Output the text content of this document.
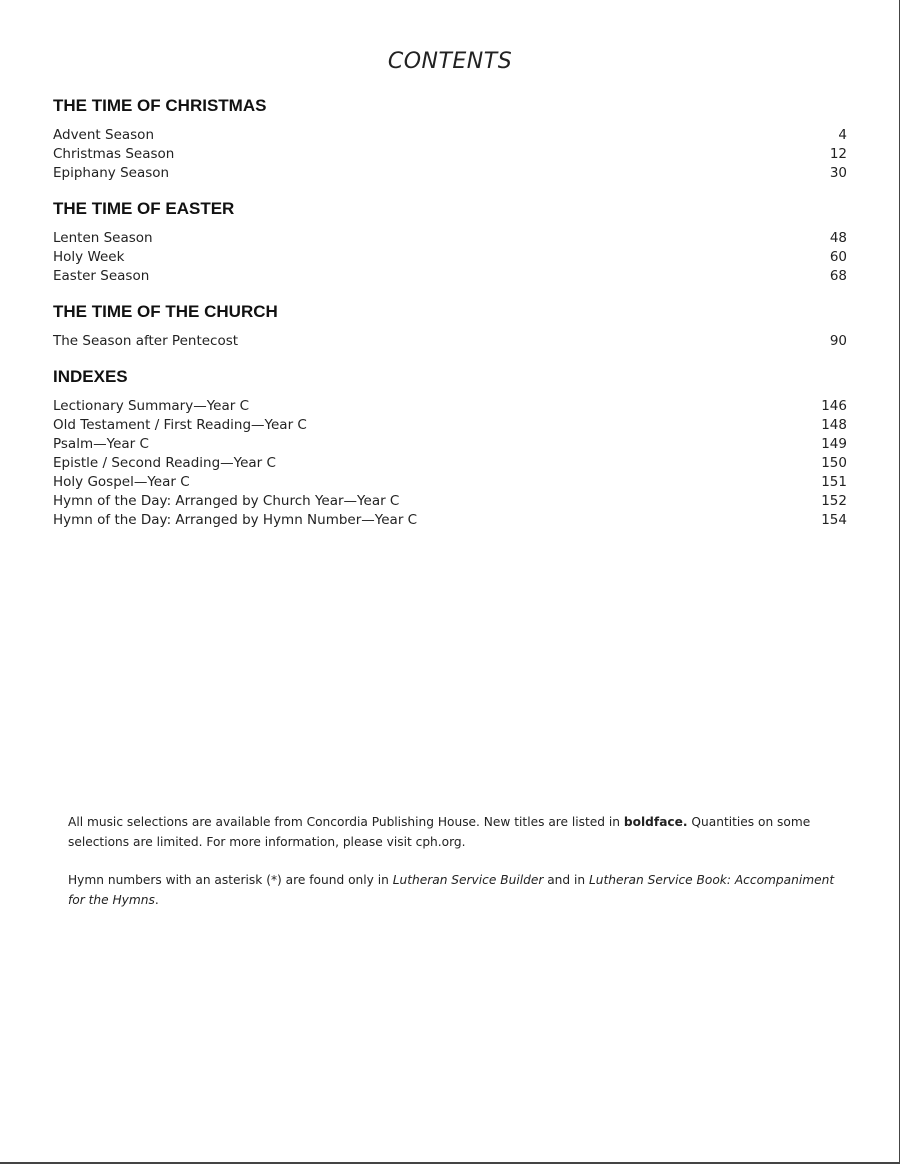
CONTENTS
THE TIME OF CHRISTMAS
Advent Season	4
Christmas Season	12
Epiphany Season	30
THE TIME OF EASTER
Lenten Season	48
Holy Week	60
Easter Season	68
THE TIME OF THE CHURCH
The Season after Pentecost	90
INDEXES
Lectionary Summary—Year C	146
Old Testament / First Reading—Year C	148
Psalm—Year C	149
Epistle / Second Reading—Year C	150
Holy Gospel—Year C	151
Hymn of the Day: Arranged by Church Year—Year C	152
Hymn of the Day: Arranged by Hymn Number—Year C	154

All music selections are available from Concordia Publishing House. New titles are listed in boldface. Quantities on some selections are limited. For more information, please visit cph.org.

Hymn numbers with an asterisk (*) are found only in Lutheran Service Builder and in Lutheran Service Book: Accompaniment for the Hymns.
